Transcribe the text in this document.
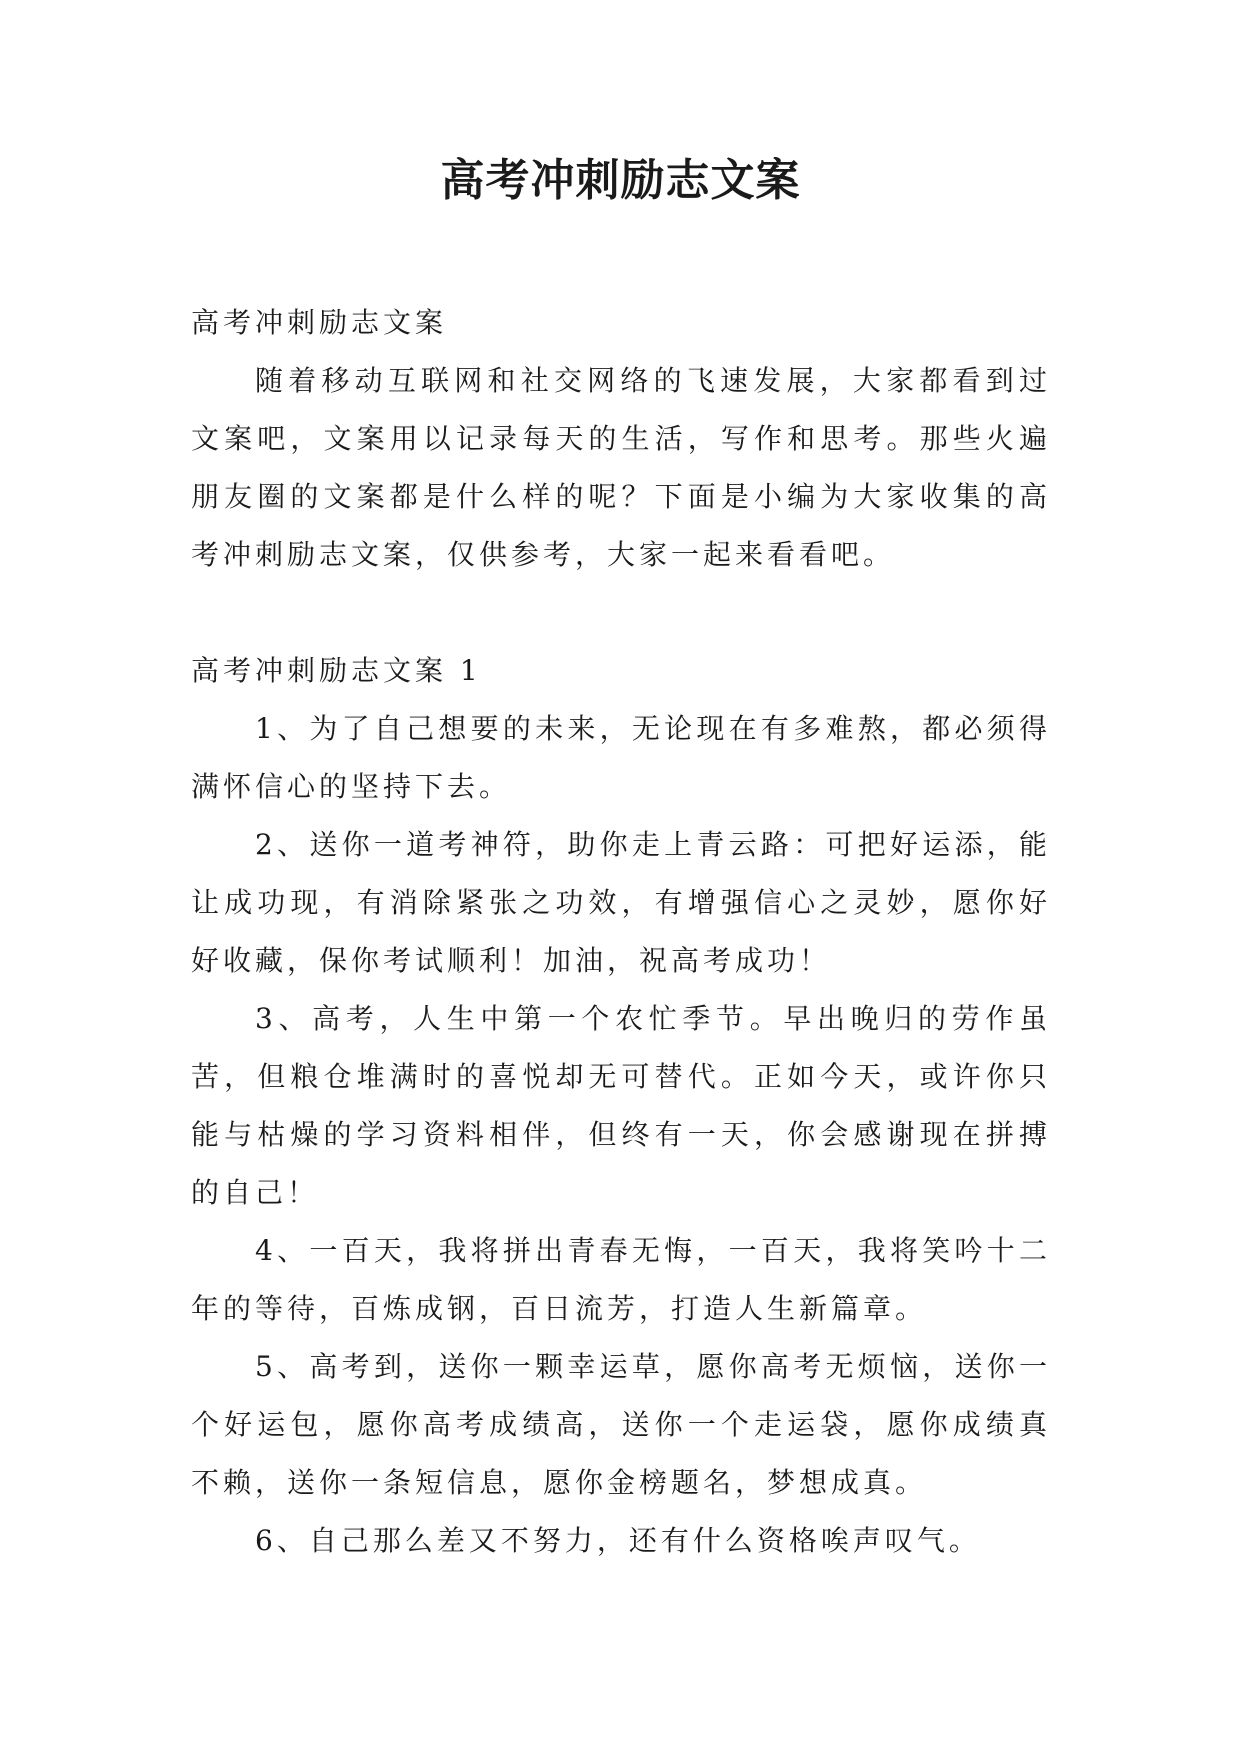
高考冲刺励志文案

高考冲刺励志文案

随着移动互联网和社交网络的飞速发展，大家都看到过文案吧，文案用以记录每天的生活，写作和思考。那些火遍朋友圈的文案都是什么样的呢？下面是小编为大家收集的高考冲刺励志文案，仅供参考，大家一起来看看吧。

高考冲刺励志文案 1

1、为了自己想要的未来，无论现在有多难熬，都必须得满怀信心的坚持下去。

2、送你一道考神符，助你走上青云路：可把好运添，能让成功现，有消除紧张之功效，有增强信心之灵妙，愿你好好收藏，保你考试顺利！加油，祝高考成功！

3、高考，人生中第一个农忙季节。早出晚归的劳作虽苦，但粮仓堆满时的喜悦却无可替代。正如今天，或许你只能与枯燥的学习资料相伴，但终有一天，你会感谢现在拼搏的自己！

4、一百天，我将拼出青春无悔，一百天，我将笑吟十二年的等待，百炼成钢，百日流芳，打造人生新篇章。

5、高考到，送你一颗幸运草，愿你高考无烦恼，送你一个好运包，愿你高考成绩高，送你一个走运袋，愿你成绩真不赖，送你一条短信息，愿你金榜题名，梦想成真。

6、自己那么差又不努力，还有什么资格唉声叹气。
